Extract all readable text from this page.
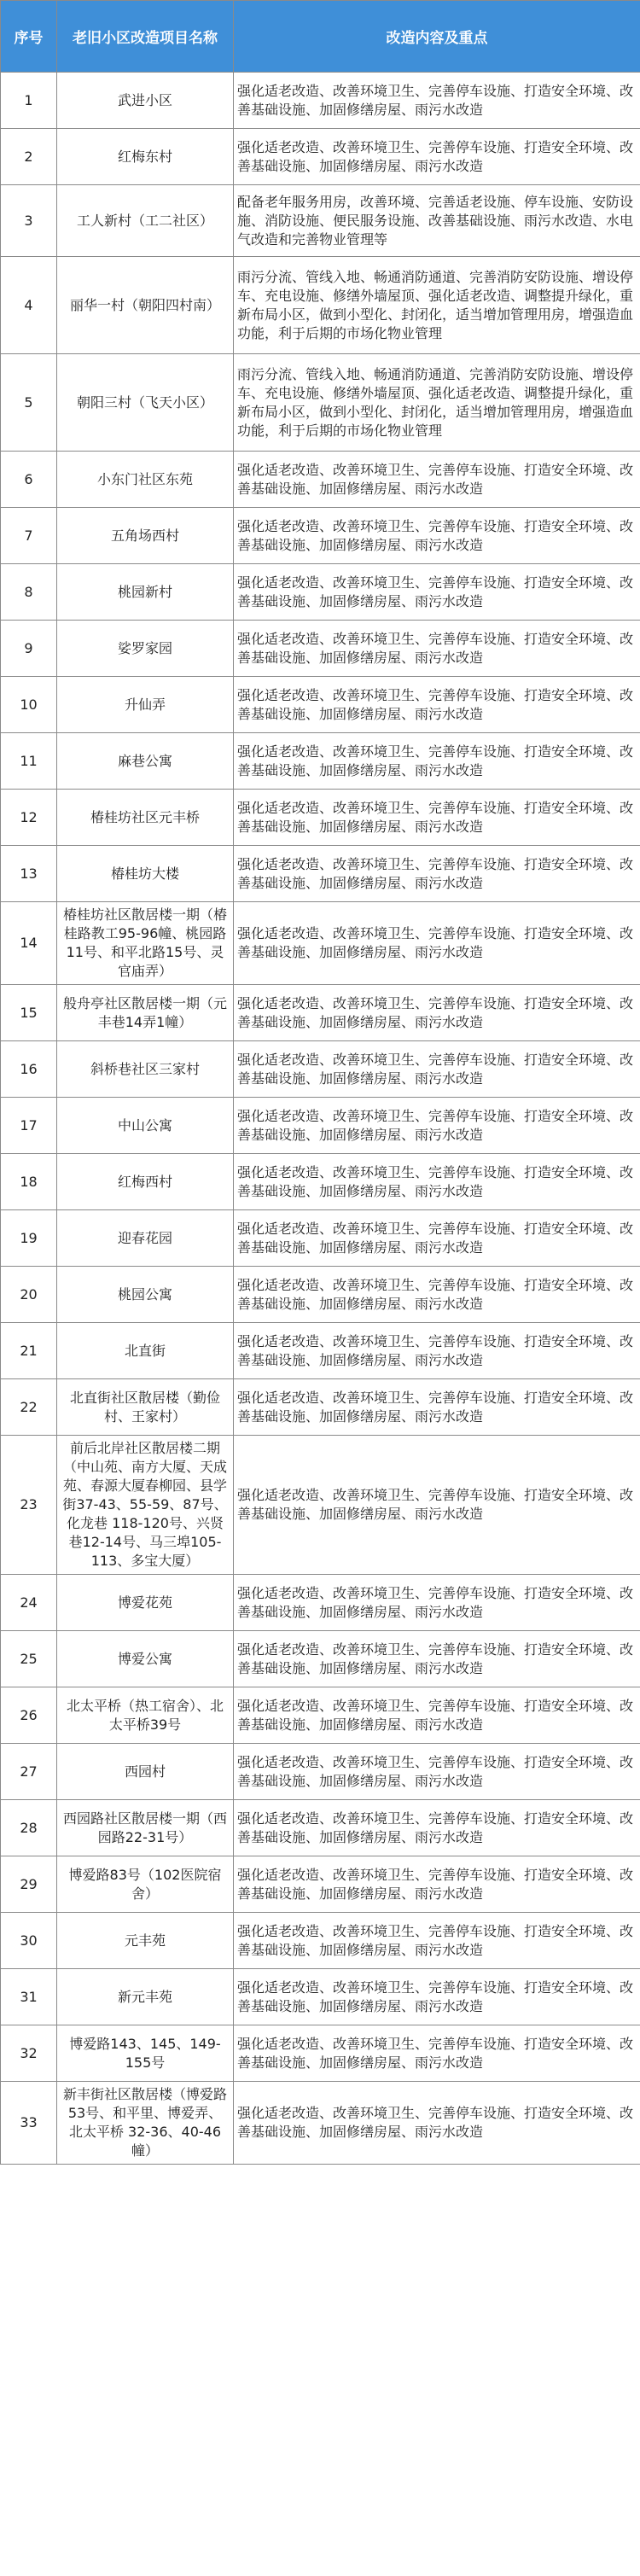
序号	老旧小区改造项目名称	改造内容及重点
1	武进小区	强化适老改造、改善环境卫生、完善停车设施、打造安全环境、改善基础设施、加固修缮房屋、雨污水改造
2	红梅东村	强化适老改造、改善环境卫生、完善停车设施、打造安全环境、改善基础设施、加固修缮房屋、雨污水改造
3	工人新村（工二社区）	配备老年服务用房，改善环境、完善适老设施、停车设施、安防设施、消防设施、便民服务设施、改善基础设施、雨污水改造、水电气改造和完善物业管理等
4	丽华一村（朝阳四村南）	雨污分流、管线入地、畅通消防通道、完善消防安防设施、增设停车、充电设施、修缮外墙屋顶、强化适老改造、调整提升绿化，重新布局小区，做到小型化、封闭化，适当增加管理用房，增强造血功能，利于后期的市场化物业管理
5	朝阳三村（飞天小区）	雨污分流、管线入地、畅通消防通道、完善消防安防设施、增设停车、充电设施、修缮外墙屋顶、强化适老改造、调整提升绿化，重新布局小区，做到小型化、封闭化，适当增加管理用房，增强造血功能，利于后期的市场化物业管理
6	小东门社区东苑	强化适老改造、改善环境卫生、完善停车设施、打造安全环境、改善基础设施、加固修缮房屋、雨污水改造
7	五角场西村	强化适老改造、改善环境卫生、完善停车设施、打造安全环境、改善基础设施、加固修缮房屋、雨污水改造
8	桃园新村	强化适老改造、改善环境卫生、完善停车设施、打造安全环境、改善基础设施、加固修缮房屋、雨污水改造
9	娑罗家园	强化适老改造、改善环境卫生、完善停车设施、打造安全环境、改善基础设施、加固修缮房屋、雨污水改造
10	升仙弄	强化适老改造、改善环境卫生、完善停车设施、打造安全环境、改善基础设施、加固修缮房屋、雨污水改造
11	麻巷公寓	强化适老改造、改善环境卫生、完善停车设施、打造安全环境、改善基础设施、加固修缮房屋、雨污水改造
12	椿桂坊社区元丰桥	强化适老改造、改善环境卫生、完善停车设施、打造安全环境、改善基础设施、加固修缮房屋、雨污水改造
13	椿桂坊大楼	强化适老改造、改善环境卫生、完善停车设施、打造安全环境、改善基础设施、加固修缮房屋、雨污水改造
14	椿桂坊社区散居楼一期（椿桂路教工95-96幢、桃园路11号、和平北路15号、灵官庙弄）	强化适老改造、改善环境卫生、完善停车设施、打造安全环境、改善基础设施、加固修缮房屋、雨污水改造
15	般舟亭社区散居楼一期（元丰巷14弄1幢）	强化适老改造、改善环境卫生、完善停车设施、打造安全环境、改善基础设施、加固修缮房屋、雨污水改造
16	斜桥巷社区三家村	强化适老改造、改善环境卫生、完善停车设施、打造安全环境、改善基础设施、加固修缮房屋、雨污水改造
17	中山公寓	强化适老改造、改善环境卫生、完善停车设施、打造安全环境、改善基础设施、加固修缮房屋、雨污水改造
18	红梅西村	强化适老改造、改善环境卫生、完善停车设施、打造安全环境、改善基础设施、加固修缮房屋、雨污水改造
19	迎春花园	强化适老改造、改善环境卫生、完善停车设施、打造安全环境、改善基础设施、加固修缮房屋、雨污水改造
20	桃园公寓	强化适老改造、改善环境卫生、完善停车设施、打造安全环境、改善基础设施、加固修缮房屋、雨污水改造
21	北直街	强化适老改造、改善环境卫生、完善停车设施、打造安全环境、改善基础设施、加固修缮房屋、雨污水改造
22	北直街社区散居楼（勤俭村、王家村）	强化适老改造、改善环境卫生、完善停车设施、打造安全环境、改善基础设施、加固修缮房屋、雨污水改造
23	前后北岸社区散居楼二期（中山苑、南方大厦、天成苑、春源大厦春柳园、县学街37-43、55-59、87号、化龙巷 118-120号、兴贤巷12-14号、马三埠105-113、多宝大厦）	强化适老改造、改善环境卫生、完善停车设施、打造安全环境、改善基础设施、加固修缮房屋、雨污水改造
24	博爱花苑	强化适老改造、改善环境卫生、完善停车设施、打造安全环境、改善基础设施、加固修缮房屋、雨污水改造
25	博爱公寓	强化适老改造、改善环境卫生、完善停车设施、打造安全环境、改善基础设施、加固修缮房屋、雨污水改造
26	北太平桥（热工宿舍）、北太平桥39号	强化适老改造、改善环境卫生、完善停车设施、打造安全环境、改善基础设施、加固修缮房屋、雨污水改造
27	西园村	强化适老改造、改善环境卫生、完善停车设施、打造安全环境、改善基础设施、加固修缮房屋、雨污水改造
28	西园路社区散居楼一期（西园路22-31号）	强化适老改造、改善环境卫生、完善停车设施、打造安全环境、改善基础设施、加固修缮房屋、雨污水改造
29	博爱路83号（102医院宿舍）	强化适老改造、改善环境卫生、完善停车设施、打造安全环境、改善基础设施、加固修缮房屋、雨污水改造
30	元丰苑	强化适老改造、改善环境卫生、完善停车设施、打造安全环境、改善基础设施、加固修缮房屋、雨污水改造
31	新元丰苑	强化适老改造、改善环境卫生、完善停车设施、打造安全环境、改善基础设施、加固修缮房屋、雨污水改造
32	博爱路143、145、149-155号	强化适老改造、改善环境卫生、完善停车设施、打造安全环境、改善基础设施、加固修缮房屋、雨污水改造
33	新丰街社区散居楼（博爱路53号、和平里、博爱弄、北太平桥 32-36、40-46幢）	强化适老改造、改善环境卫生、完善停车设施、打造安全环境、改善基础设施、加固修缮房屋、雨污水改造
